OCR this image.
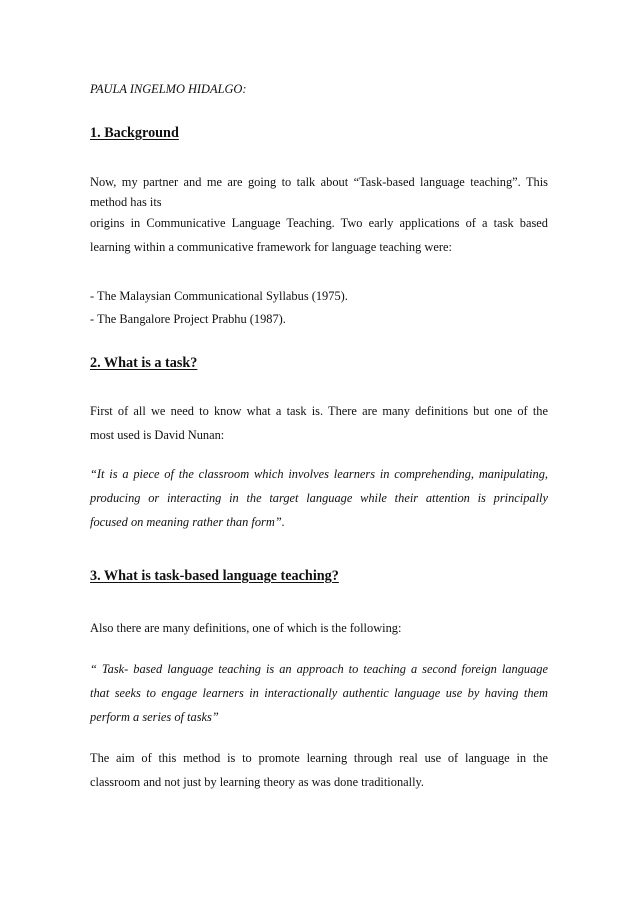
PAULA INGELMO HIDALGO:
1. Background
Now, my partner and me are going to talk about “Task-based language teaching”. This
method has its
origins in Communicative Language Teaching. Two early applications of a task based
learning within a communicative framework for language teaching were:
- The Malaysian Communicational Syllabus (1975).
- The Bangalore Project Prabhu (1987).
2. What is a task?
First of all we need to know what a task is. There are many definitions but one of the
most used is David Nunan:
“It is a piece of the classroom which involves learners in comprehending, manipulating,
producing or interacting in the target language while their attention is principally
focused on meaning rather than form”.
3. What is task-based language teaching?
Also there are many definitions, one of which is the following:
“ Task- based language teaching is an approach to teaching a second foreign language
that seeks to engage learners in interactionally authentic language use by having them
perform a series of tasks”
The aim of this method is to promote learning through real use of language in the
classroom and not just by learning theory as was done traditionally.
